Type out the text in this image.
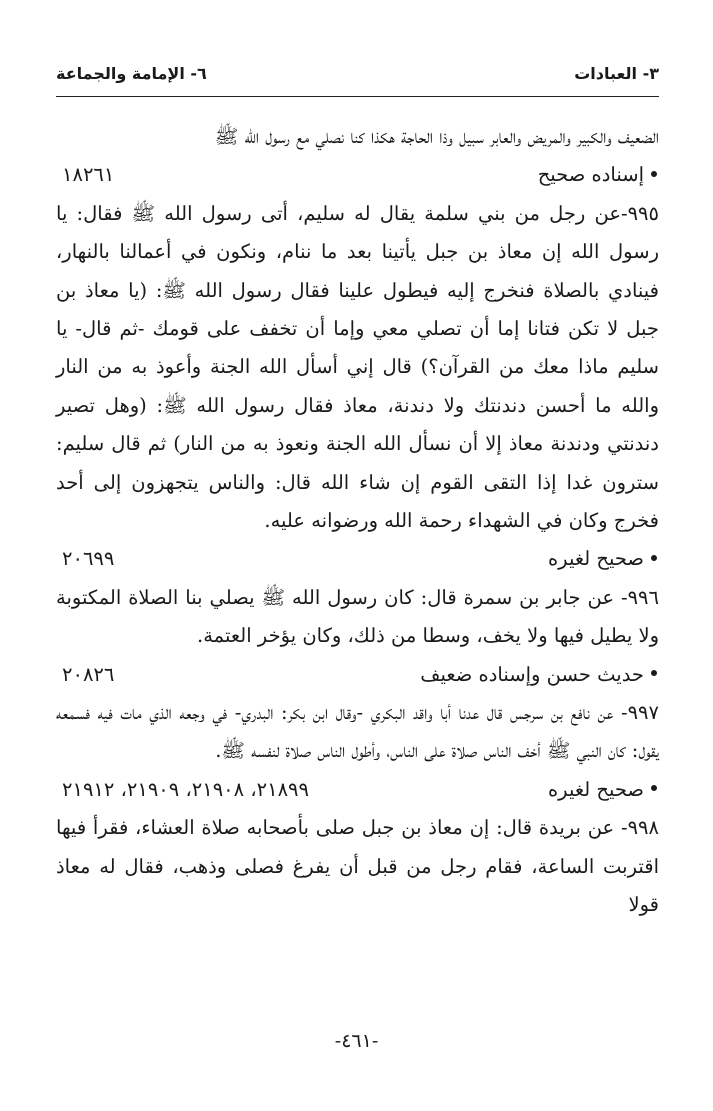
٣- العبادات
٦- الإمامة والجماعة

الضعيف والكبير والمريض والعابر سبيل وذا الحاجة هكذا كنا نصلي مع رسول الله ﷺ

إسناده صحيح
١٨٢٦١

٩٩٥-عن رجل من بني سلمة يقال له سليم، أتى رسول الله ﷺ فقال: يا رسول الله إن معاذ بن جبل يأتينا بعد ما ننام، ونكون في أعمالنا بالنهار، فينادي بالصلاة فنخرج إليه فيطول علينا فقال رسول الله ﷺ: (يا معاذ بن جبل لا تكن فتانا إما أن تصلي معي وإما أن تخفف على قومك -ثم قال- يا سليم ماذا معك من القرآن؟) قال إني أسأل الله الجنة وأعوذ به من النار والله ما أحسن دندنتك ولا دندنة، معاذ فقال رسول الله ﷺ: (وهل تصير دندنتي ودندنة معاذ إلا أن نسأل الله الجنة ونعوذ به من النار) ثم قال سليم: سترون غدا إذا التقى القوم إن شاء الله قال: والناس يتجهزون إلى أحد فخرج وكان في الشهداء رحمة الله ورضوانه عليه.

صحيح لغيره
٢٠٦٩٩

٩٩٦- عن جابر بن سمرة قال: كان رسول الله ﷺ يصلي بنا الصلاة المكتوبة ولا يطيل فيها ولا يخف، وسطا من ذلك، وكان يؤخر العتمة.

حديث حسن وإسناده ضعيف
٢٠٨٢٦

٩٩٧- عن نافع بن سرجس قال عدنا أبا واقد البكري -وقال ابن بكر: البدري- في وجعه الذي مات فيه فسمعه يقول: كان النبي ﷺ أخف الناس صلاة على الناس، وأطول الناس صلاة لنفسه ﷺ.

صحيح لغيره
٢١٨٩٩، ٢١٩٠٨، ٢١٩٠٩، ٢١٩١٢

٩٩٨- عن بريدة قال: إن معاذ بن جبل صلى بأصحابه صلاة العشاء، فقرأ فيها اقتربت الساعة، فقام رجل من قبل أن يفرغ فصلى وذهب، فقال له معاذ قولا

-٤٦١-
